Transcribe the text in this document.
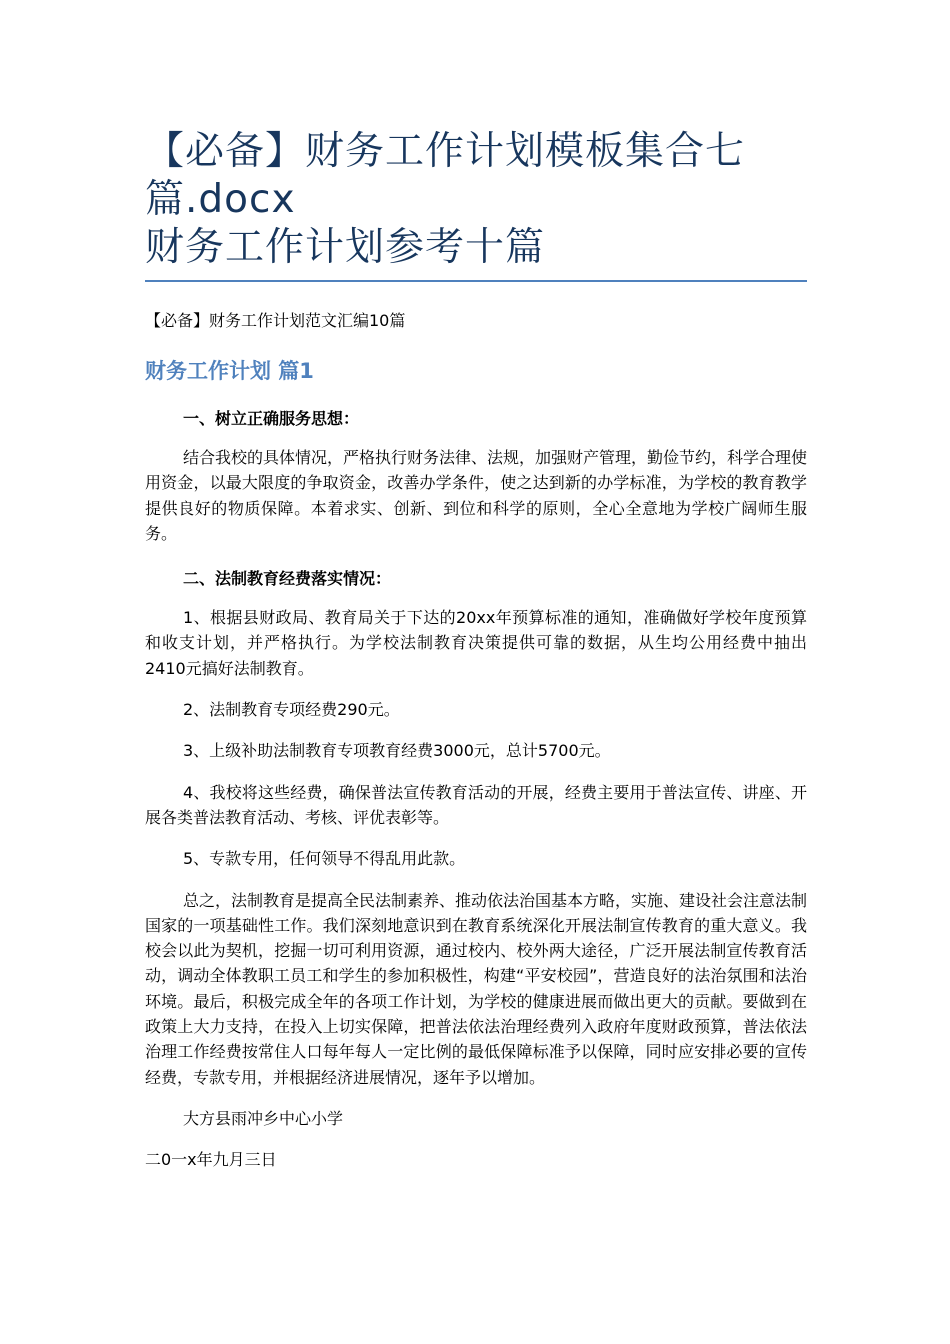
【必备】财务工作计划模板集合七篇.docx
财务工作计划参考十篇
【必备】财务工作计划范文汇编10篇
财务工作计划 篇1
一、树立正确服务思想：

结合我校的具体情况，严格执行财务法律、法规，加强财产管理，勤俭节约，科学合理使用资金，以最大限度的争取资金，改善办学条件，使之达到新的办学标准，为学校的教育教学提供良好的物质保障。本着求实、创新、到位和科学的原则，全心全意地为学校广阔师生服务。

二、法制教育经费落实情况：

1、根据县财政局、教育局关于下达的20xx年预算标准的通知，准确做好学校年度预算和收支计划，并严格执行。为学校法制教育决策提供可靠的数据，从生均公用经费中抽出2410元搞好法制教育。

2、法制教育专项经费290元。

3、上级补助法制教育专项教育经费3000元，总计5700元。

4、我校将这些经费，确保普法宣传教育活动的开展，经费主要用于普法宣传、讲座、开展各类普法教育活动、考核、评优表彰等。

5、专款专用，任何领导不得乱用此款。

总之，法制教育是提高全民法制素养、推动依法治国基本方略，实施、建设社会注意法制国家的一项基础性工作。我们深刻地意识到在教育系统深化开展法制宣传教育的重大意义。我校会以此为契机，挖掘一切可利用资源，通过校内、校外两大途径，广泛开展法制宣传教育活动，调动全体教职工员工和学生的参加积极性，构建“平安校园”，营造良好的法治氛围和法治环境。最后，积极完成全年的各项工作计划，为学校的健康进展而做出更大的贡献。要做到在政策上大力支持，在投入上切实保障，把普法依法治理经费列入政府年度财政预算，普法依法治理工作经费按常住人口每年每人一定比例的最低保障标准予以保障，同时应安排必要的宣传经费，专款专用，并根据经济进展情况，逐年予以增加。

大方县雨冲乡中心小学

二0一x年九月三日
